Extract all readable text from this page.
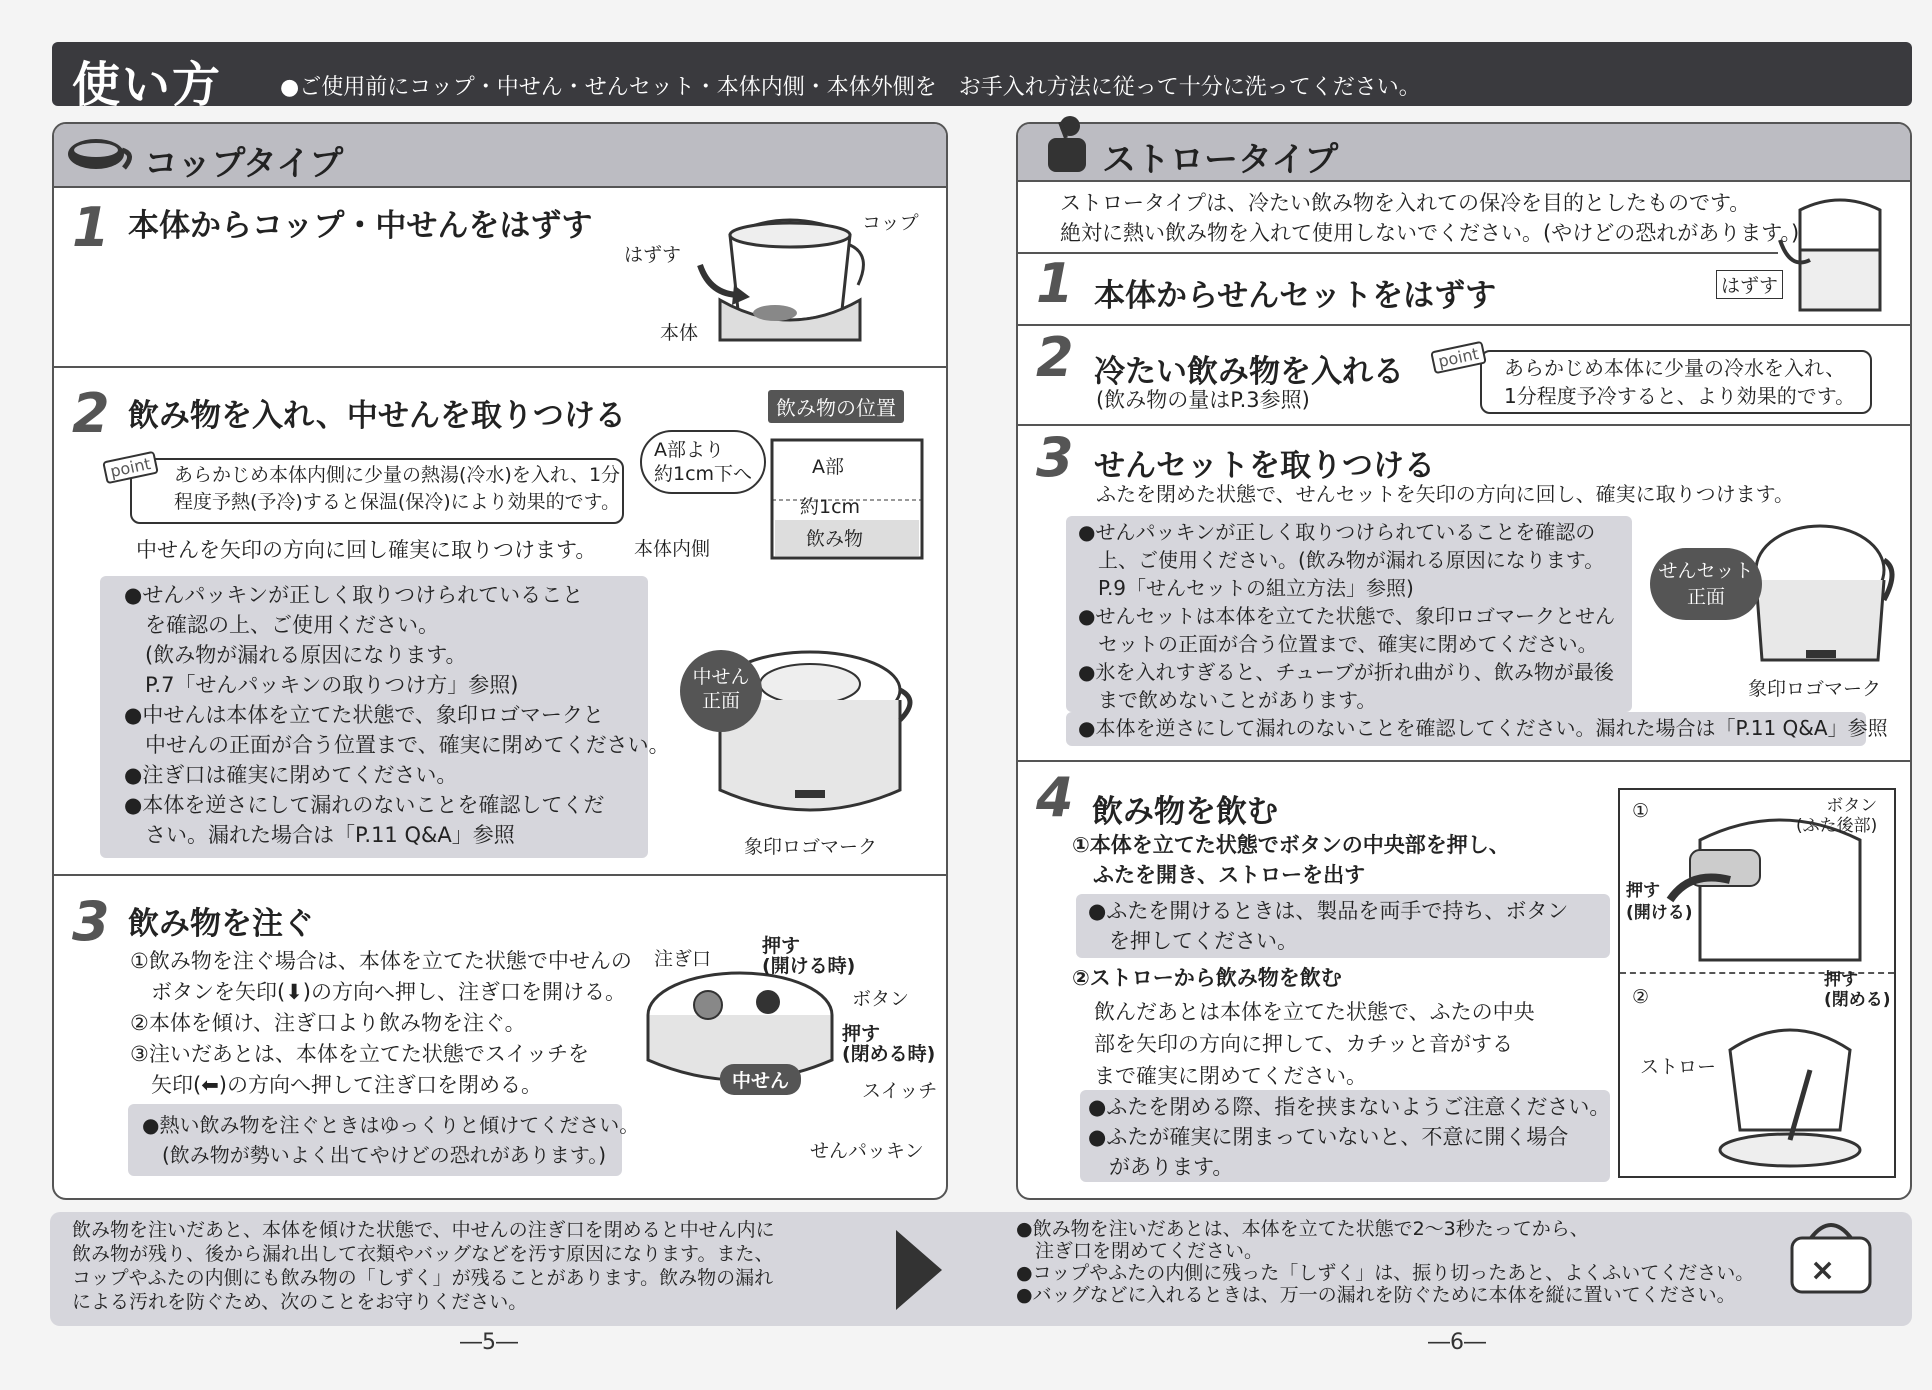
使い方	●ご使用前にコップ・中せん・せんセット・本体内側・本体外側を　お手入れ方法に従って十分に洗ってください。
コップタイプ
1 本体からコップ・中せんをはずす	コップ
はずす
本体
2 飲み物を入れ、中せんを取りつける
point	あらかじめ本体内側に少量の熱湯(冷水)を入れ、1分
程度予熱(予冷)すると保温(保冷)により効果的です。
中せんを矢印の方向に回し確実に取りつけます。
飲み物の位置
A部より
約1cm下へ	A部
約1cm
飲み物
本体内側
●せんパッキンが正しく取りつけられていること
　を確認の上、ご使用ください。
　(飲み物が漏れる原因になります。
　P.7「せんパッキンの取りつけ方」参照)
●中せんは本体を立てた状態で、象印ロゴマークと
　中せんの正面が合う位置まで、確実に閉めてください。
●注ぎ口は確実に閉めてください。
●本体を逆さにして漏れのないことを確認してくだ
　さい。漏れた場合は「P.11 Q&A」参照
中せん
正面
象印ロゴマーク
3 飲み物を注ぐ
①飲み物を注ぐ場合は、本体を立てた状態で中せんの
　ボタンを矢印(⬇)の方向へ押し、注ぎ口を開ける。
②本体を傾け、注ぎ口より飲み物を注ぐ。
③注いだあとは、本体を立てた状態でスイッチを
　矢印(⬅)の方向へ押して注ぎ口を閉める。
●熱い飲み物を注ぐときはゆっくりと傾けてください。
　(飲み物が勢いよく出てやけどの恐れがあります。)
注ぎ口
押す
(開ける時)
ボタン
押す
(閉める時)
スイッチ
中せん
せんパッキン
ストロータイプ
ストロータイプは、冷たい飲み物を入れての保冷を目的としたものです。
絶対に熱い飲み物を入れて使用しないでください。(やけどの恐れがあります。)
1 本体からせんセットをはずす	はずす
2 冷たい飲み物を入れる
(飲み物の量はP.3参照)
point	あらかじめ本体に少量の冷水を入れ、
1分程度予冷すると、より効果的です。
3 せんセットを取りつける
ふたを閉めた状態で、せんセットを矢印の方向に回し、確実に取りつけます。
●せんパッキンが正しく取りつけられていることを確認の
　上、ご使用ください。(飲み物が漏れる原因になります。
　P.9「せんセットの組立方法」参照)
●せんセットは本体を立てた状態で、象印ロゴマークとせん
　セットの正面が合う位置まで、確実に閉めてください。
●氷を入れすぎると、チューブが折れ曲がり、飲み物が最後
　まで飲めないことがあります。
●本体を逆さにして漏れのないことを確認してください。漏れた場合は「P.11 Q&A」参照
せんセット
正面
象印ロゴマーク
4 飲み物を飲む
①本体を立てた状態でボタンの中央部を押し、
　ふたを開き、ストローを出す
●ふたを開けるときは、製品を両手で持ち、ボタン
　を押してください。
②ストローから飲み物を飲む
飲んだあとは本体を立てた状態で、ふたの中央
部を矢印の方向に押して、カチッと音がする
まで確実に閉めてください。
●ふたを閉める際、指を挟まないようご注意ください。
●ふたが確実に閉まっていないと、不意に開く場合
　があります。
①	ボタン
(ふた後部)
押す
(開ける)
②
押す
(閉める)
ストロー
飲み物を注いだあと、本体を傾けた状態で、中せんの注ぎ口を閉めると中せん内に
飲み物が残り、後から漏れ出して衣類やバッグなどを汚す原因になります。また、
コップやふたの内側にも飲み物の「しずく」が残ることがあります。飲み物の漏れ
による汚れを防ぐため、次のことをお守りください。
●飲み物を注いだあとは、本体を立てた状態で2～3秒たってから、
　注ぎ口を閉めてください。
●コップやふたの内側に残った「しずく」は、振り切ったあと、よくふいてください。
●バッグなどに入れるときは、万一の漏れを防ぐために本体を縦に置いてください。
×
―5―	―6―
